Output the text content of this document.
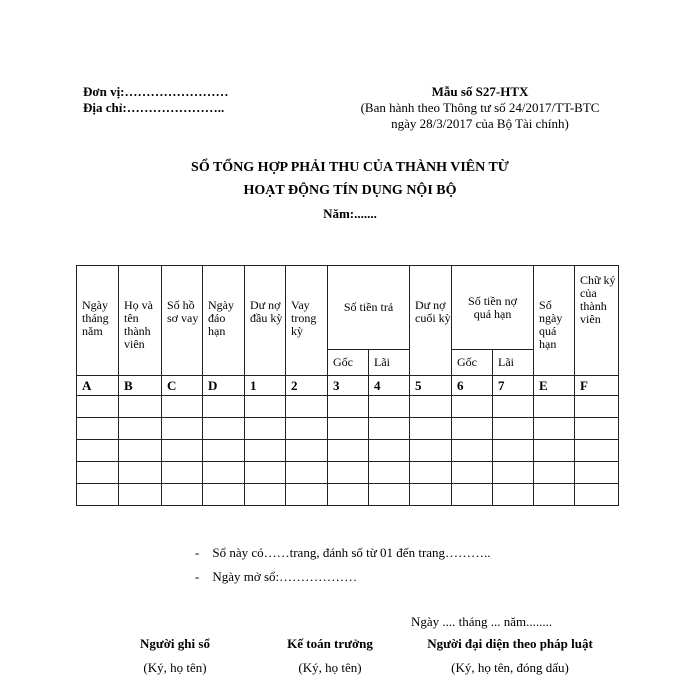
Đơn vị:……………………
Địa chỉ:…………………..
Mẫu số S27-HTX
(Ban hành theo Thông tư số 24/2017/TT-BTC
ngày 28/3/2017 của Bộ Tài chính)
SỔ TỔNG HỢP PHẢI THU CỦA THÀNH VIÊN TỪ
HOẠT ĐỘNG TÍN DỤNG NỘI BỘ
Năm:.......
Ngày tháng năm	Họ và tên thành viên	Số hồ sơ vay	Ngày đáo hạn	Dư nợ đầu kỳ	Vay trong kỳ	Số tiền trả		Dư nợ cuối kỳ	Số tiền nợ quá hạn		Số ngày quá hạn	Chữ ký của thành viên
						Gốc	Lãi		Gốc	Lãi		
A	B	C	D	1	2	3	4	5	6	7	E	F

-    Sổ này có……trang, đánh số từ 01 đến trang………..
-    Ngày mở sổ:………………
Ngày .... tháng ... năm........
Người ghi sổ
(Ký, họ tên)
Kế toán trưởng
(Ký, họ tên)
Người đại diện theo pháp luật
(Ký, họ tên, đóng dấu)
